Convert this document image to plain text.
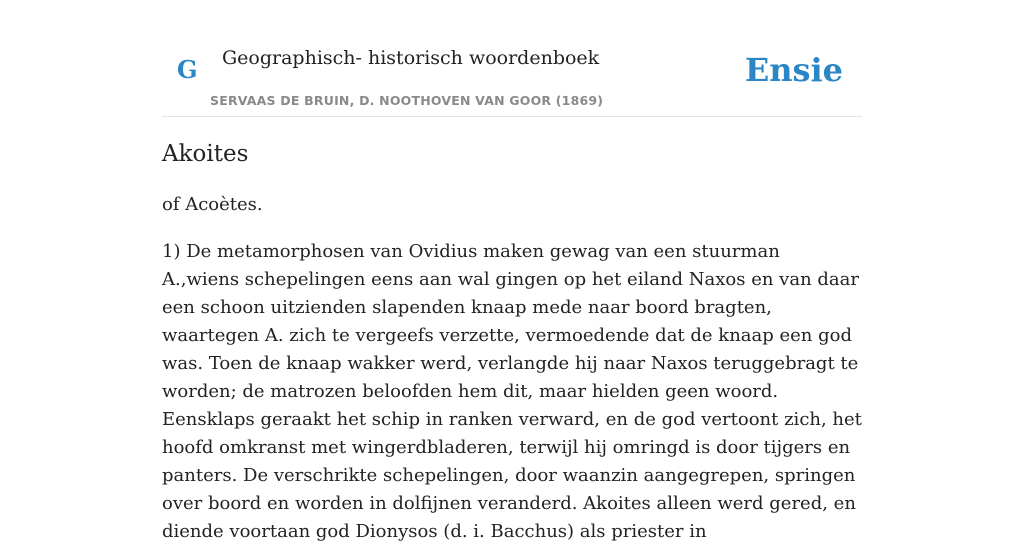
G Geographisch- historisch woordenboek
SERVAAS DE BRUIN, D. NOOTHOVEN VAN GOOR (1869)
Ensie
Akoites

of Acoètes.

1) De metamorphosen van Ovidius maken gewag van een stuurman A.,wiens schepelingen eens aan wal gingen op het eiland Naxos en van daar een schoon uitzienden slapenden knaap mede naar boord bragten, waartegen A. zich te vergeefs verzette, vermoedende dat de knaap een god was. Toen de knaap wakker werd, verlangde hij naar Naxos teruggebragt te worden; de matrozen beloofden hem dit, maar hielden geen woord. Eensklaps geraakt het schip in ranken verward, en de god vertoont zich, het hoofd omkranst met wingerdbladeren, terwijl hij omringd is door tijgers en panters. De verschrikte schepelingen, door waanzin aangegrepen, springen over boord en worden in dolfijnen veranderd. Akoites alleen werd gered, en diende voortaan god Dionysos (d. i. Bacchus) als priester in
